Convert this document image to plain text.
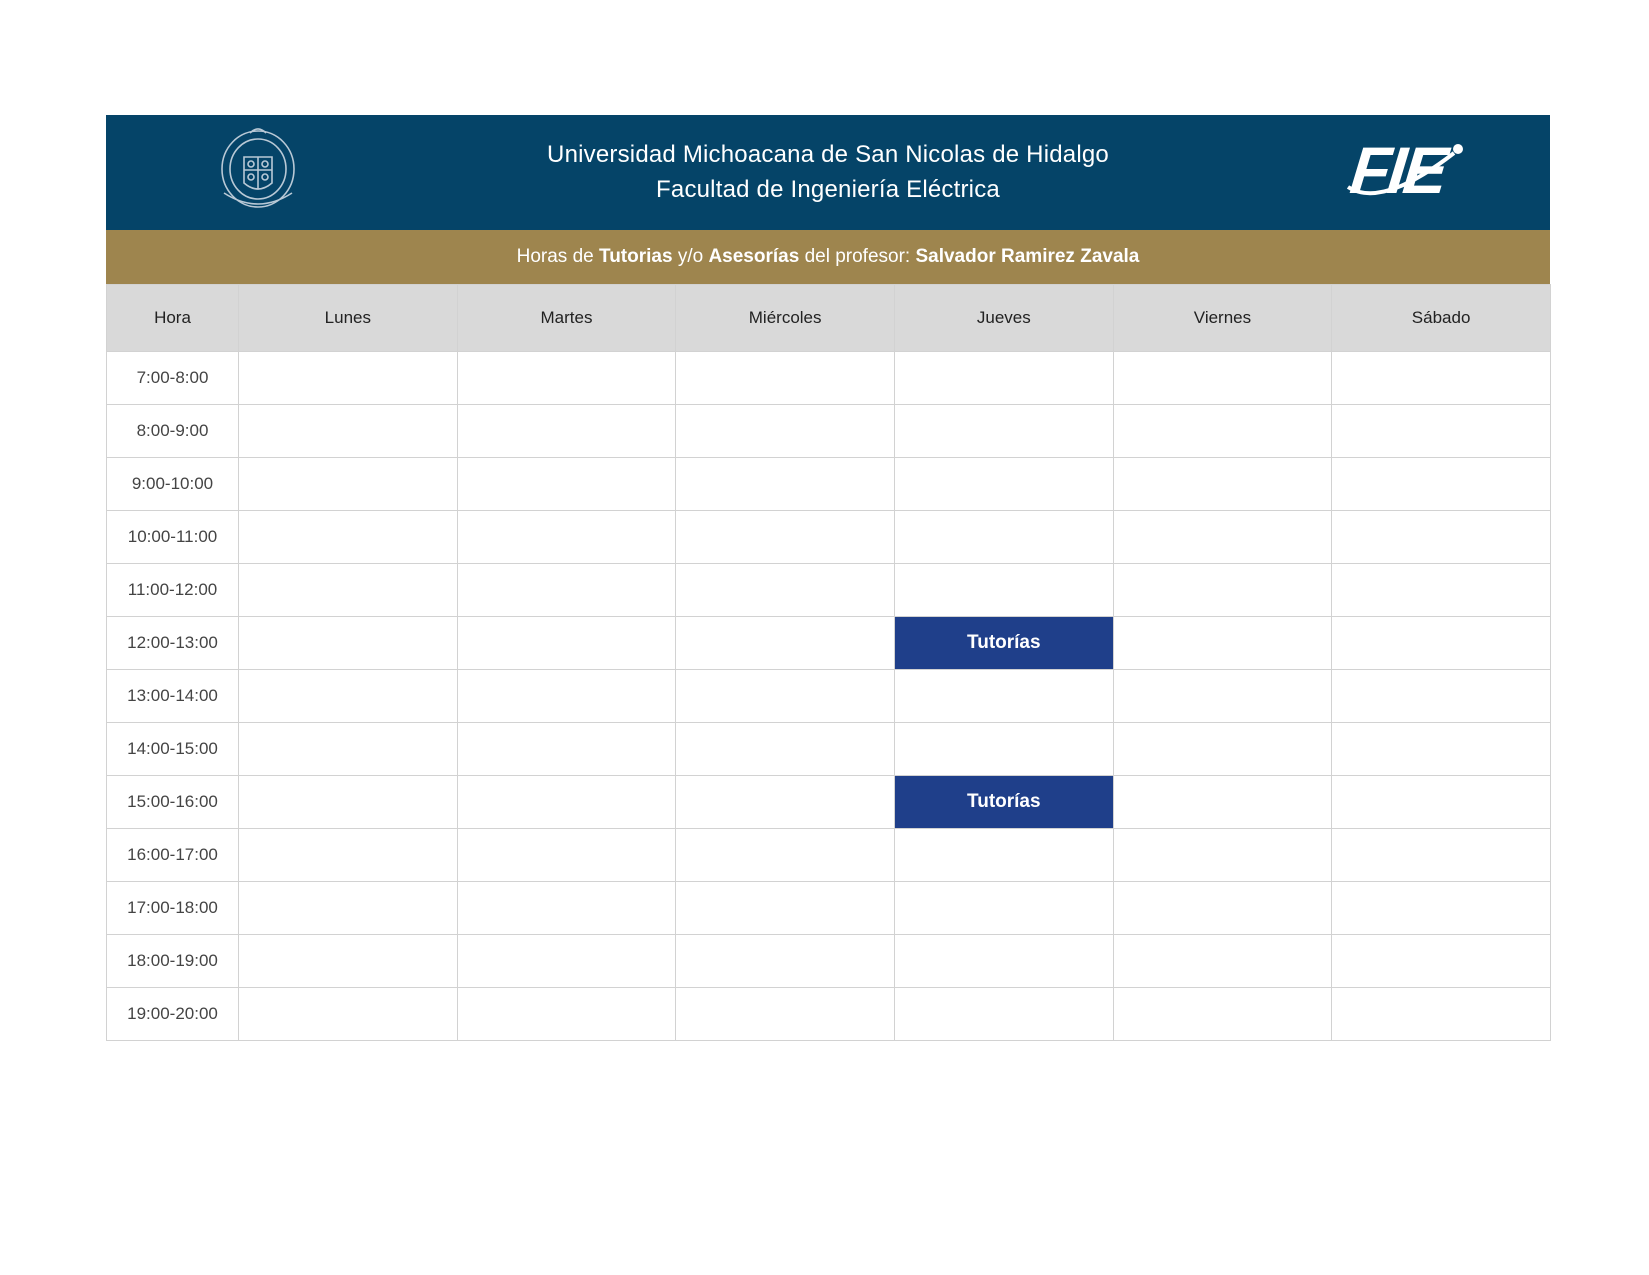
Universidad Michoacana de San Nicolas de Hidalgo
Facultad de Ingeniería Eléctrica	FIE
Horas de Tutorias y/o Asesorías del profesor: Salvador Ramirez Zavala
Hora	Lunes	Martes	Miércoles	Jueves	Viernes	Sábado
7:00-8:00						
8:00-9:00						
9:00-10:00						
10:00-11:00						
11:00-12:00						
12:00-13:00				Tutorías		
13:00-14:00						
14:00-15:00						
15:00-16:00				Tutorías		
16:00-17:00						
17:00-18:00						
18:00-19:00						
19:00-20:00						
